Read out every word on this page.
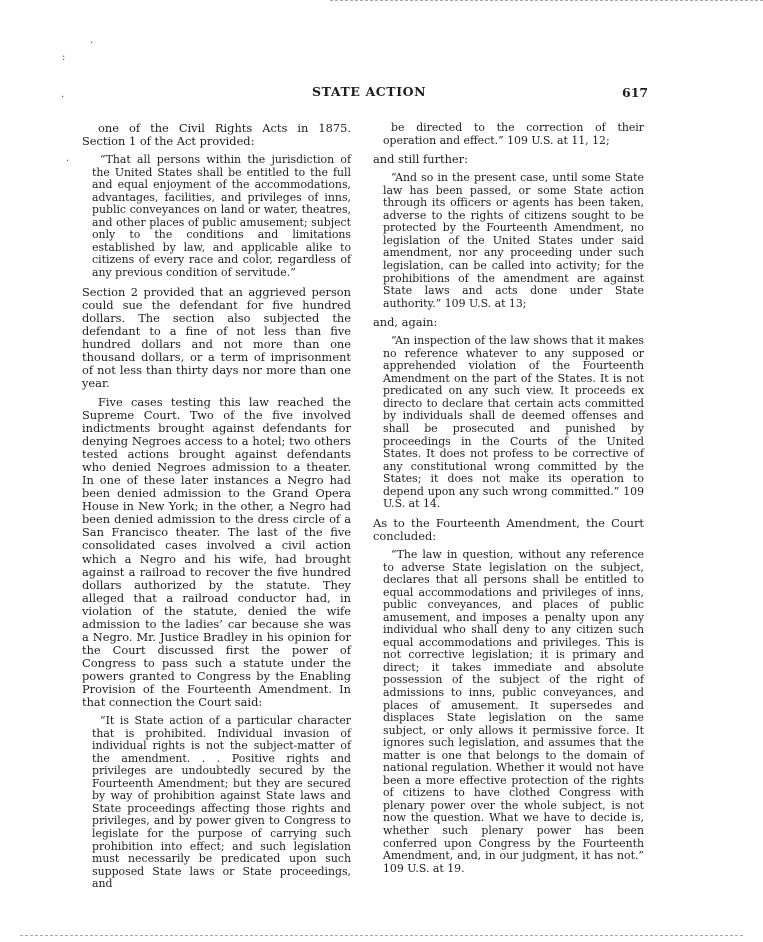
·
:
·
·
STATE ACTION	617

one of the Civil Rights Acts in 1875. Section 1 of the Act provided:

“That all persons within the jurisdiction of the United States shall be entitled to the full and equal enjoyment of the accommodations, advantages, facilities, and privileges of inns, public conveyances on land or water, theatres, and other places of public amusement; subject only to the conditions and limitations established by law, and applicable alike to citizens of every race and color, regardless of any previous condition of servitude.”

Section 2 provided that an aggrieved person could sue the defendant for five hundred dollars. The section also subjected the defendant to a fine of not less than five hundred dollars and not more than one thousand dollars, or a term of imprisonment of not less than thirty days nor more than one year.

Five cases testing this law reached the Supreme Court. Two of the five involved indictments brought against defendants for denying Negroes access to a hotel; two others tested actions brought against defendants who denied Negroes admission to a theater. In one of these later instances a Negro had been denied admission to the Grand Opera House in New York; in the other, a Negro had been denied admission to the dress circle of a San Francisco theater. The last of the five consolidated cases involved a civil action which a Negro and his wife, had brought against a railroad to recover the five hundred dollars authorized by the statute. They alleged that a railroad conductor had, in violation of the statute, denied the wife admission to the ladies’ car because she was a Negro. Mr. Justice Bradley in his opinion for the Court discussed first the power of Congress to pass such a statute under the powers granted to Congress by the Enabling Provision of the Fourteenth Amendment. In that connection the Court said:

“It is State action of a particular character that is prohibited. Individual invasion of individual rights is not the subject-matter of the amendment. . . Positive rights and privileges are undoubtedly secured by the Fourteenth Amendment; but they are secured by way of prohibition against State laws and State proceedings affecting those rights and privileges, and by power given to Congress to legislate for the purpose of carrying such prohibition into effect; and such legislation must necessarily be predicated upon such supposed State laws or State proceedings, and

be directed to the correction of their operation and effect.” 109 U.S. at 11, 12;

and still further:

“And so in the present case, until some State law has been passed, or some State action through its officers or agents has been taken, adverse to the rights of citizens sought to be protected by the Fourteenth Amendment, no legislation of the United States under said amendment, nor any proceeding under such legislation, can be called into activity; for the prohibitions of the amendment are against State laws and acts done under State authority.” 109 U.S. at 13;

and, again:

“An inspection of the law shows that it makes no reference whatever to any supposed or apprehended violation of the Fourteenth Amendment on the part of the States. It is not predicated on any such view. It proceeds ex directo to declare that certain acts committed by individuals shall de deemed offenses and shall be prosecuted and punished by proceedings in the Courts of the United States. It does not profess to be corrective of any constitutional wrong committed by the States; it does not make its operation to depend upon any such wrong committed.” 109 U.S. at 14.

As to the Fourteenth Amendment, the Court concluded:

“The law in question, without any reference to adverse State legislation on the subject, declares that all persons shall be entitled to equal accommodations and privileges of inns, public conveyances, and places of public amusement, and imposes a penalty upon any individual who shall deny to any citizen such equal accommodations and privileges. This is not corrective legislation; it is primary and direct; it takes immediate and absolute possession of the subject of the right of admissions to inns, public conveyances, and places of amusement. It supersedes and displaces State legislation on the same subject, or only allows it permissive force. It ignores such legislation, and assumes that the matter is one that belongs to the domain of national regulation. Whether it would not have been a more effective protection of the rights of citizens to have clothed Congress with plenary power over the whole subject, is not now the question. What we have to decide is, whether such plenary power has been conferred upon Congress by the Fourteenth Amendment, and, in our judgment, it has not.” 109 U.S. at 19.
